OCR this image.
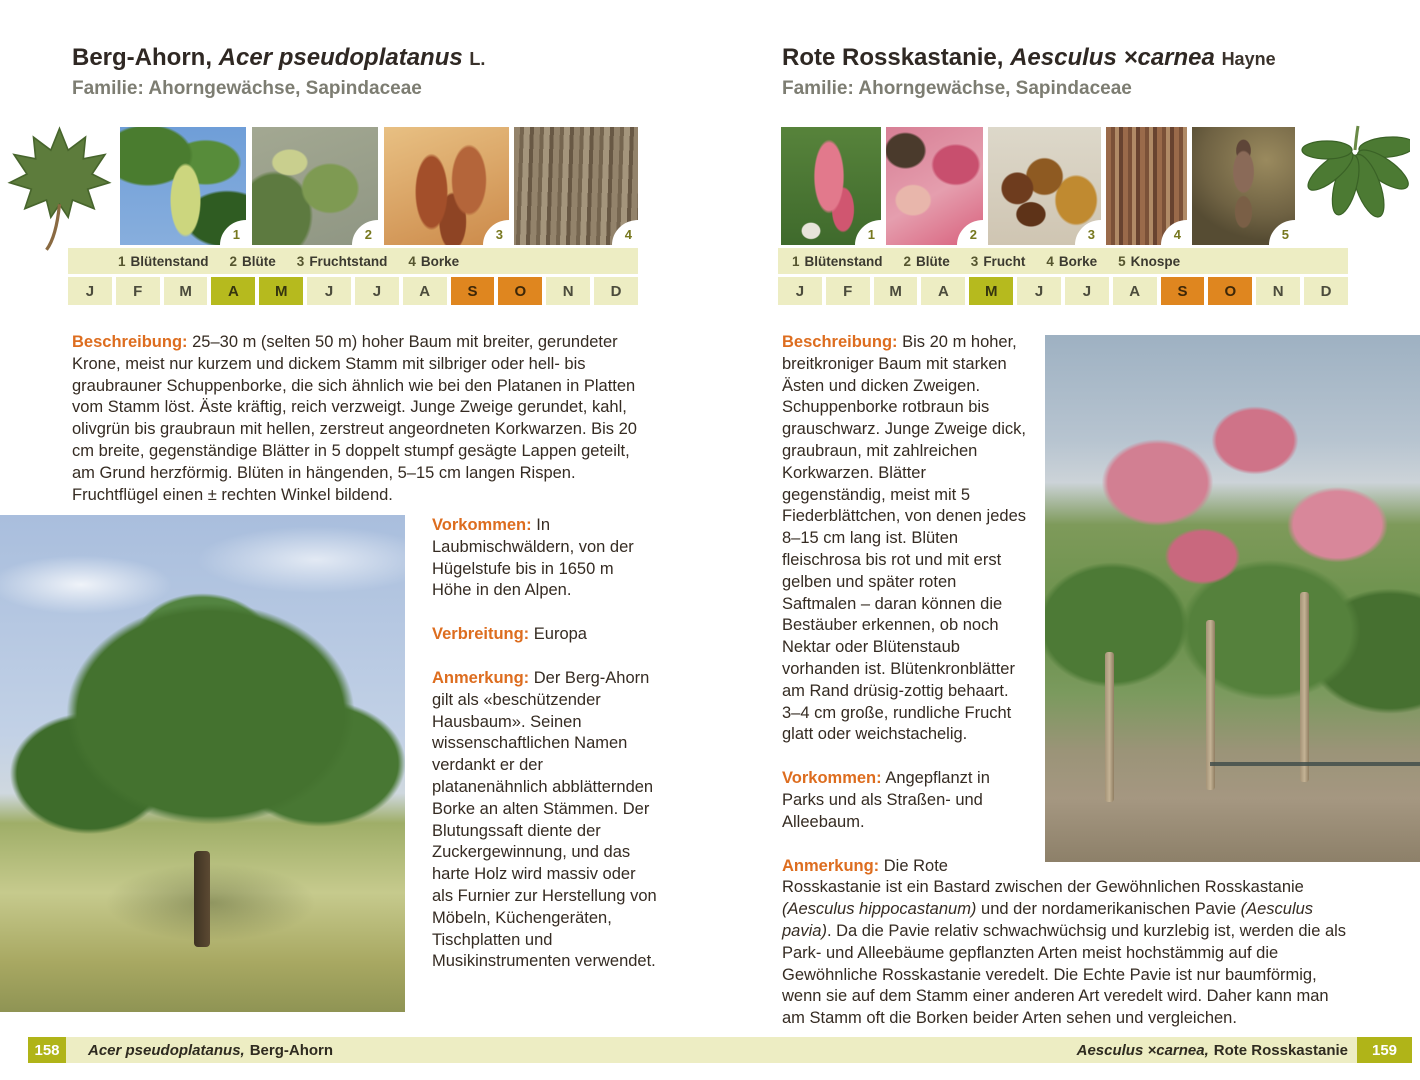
Berg-Ahorn, Acer pseudoplatanus L.
Familie: Ahorngewächse, Sapindaceae
1	2	3	4
1 Blütenstand 2 Blüte 3 Fruchtstand 4 Borke
J	F	M	A	M	J	J	A	S	O	N	D

Beschreibung: 25–30 m (selten 50 m) hoher Baum mit breiter, gerundeter Krone, meist nur kurzem und dickem Stamm mit silbriger oder hell- bis graubrauner Schuppenborke, die sich ähnlich wie bei den Platanen in Platten vom Stamm löst. Äste kräftig, reich verzweigt. Junge Zweige gerundet, kahl, olivgrün bis graubraun mit hellen, zerstreut angeordneten Korkwarzen. Bis 20 cm breite, gegenständige Blätter in 5 doppelt stumpf gesägte Lappen geteilt, am Grund herzförmig. Blüten in hängenden, 5–15 cm langen Rispen. Fruchtflügel einen ± rechten Winkel bildend.

Vorkommen: In Laubmischwäldern, von der Hügelstufe bis in 1650 m Höhe in den Alpen.

Verbreitung: Europa

Anmerkung: Der Berg-Ahorn gilt als «beschützender Hausbaum». Seinen wissenschaftlichen Namen verdankt er der platanenähnlich abblätternden Borke an alten Stämmen. Der Blutungssaft diente der Zuckergewinnung, und das harte Holz wird massiv oder als Furnier zur Herstellung von Möbeln, Küchengeräten, Tischplatten und Musikinstrumenten verwendet.

Rote Rosskastanie, Aesculus ×carnea Hayne
Familie: Ahorngewächse, Sapindaceae
1	2	3	4	5
1 Blütenstand 2 Blüte 3 Frucht 4 Borke 5 Knospe
J	F	M	A	M	J	J	A	S	O	N	D

Beschreibung: Bis 20 m hoher, breitkroniger Baum mit starken Ästen und dicken Zweigen. Schuppenborke rotbraun bis grauschwarz. Junge Zweige dick, graubraun, mit zahlreichen Korkwarzen. Blätter gegenständig, meist mit 5 Fiederblättchen, von denen jedes 8–15 cm lang ist. Blüten fleischrosa bis rot und mit erst gelben und später roten Saftmalen – daran können die Bestäuber erkennen, ob noch Nektar oder Blütenstaub vorhanden ist. Blütenkronblätter am Rand drüsig-zottig behaart. 3–4 cm große, rundliche Frucht glatt oder weichstachelig.

Vorkommen: Angepflanzt in Parks und als Straßen- und Alleebaum.

Anmerkung: Die Rote Rosskastanie ist ein Bastard zwischen der Gewöhnlichen Rosskastanie (Aesculus hippocastanum) und der nordamerikanischen Pavie (Aesculus pavia). Da die Pavie relativ schwachwüchsig und kurzlebig ist, werden die als Park- und Alleebäume gepflanzten Arten meist hochstämmig auf die Gewöhnliche Rosskastanie veredelt. Die Echte Pavie ist nur baumförmig, wenn sie auf dem Stamm einer anderen Art veredelt wird. Daher kann man am Stamm oft die Borken beider Arten sehen und vergleichen.

158	Acer pseudoplatanus, Berg-Ahorn	Aesculus ×carnea, Rote Rosskastanie	159
